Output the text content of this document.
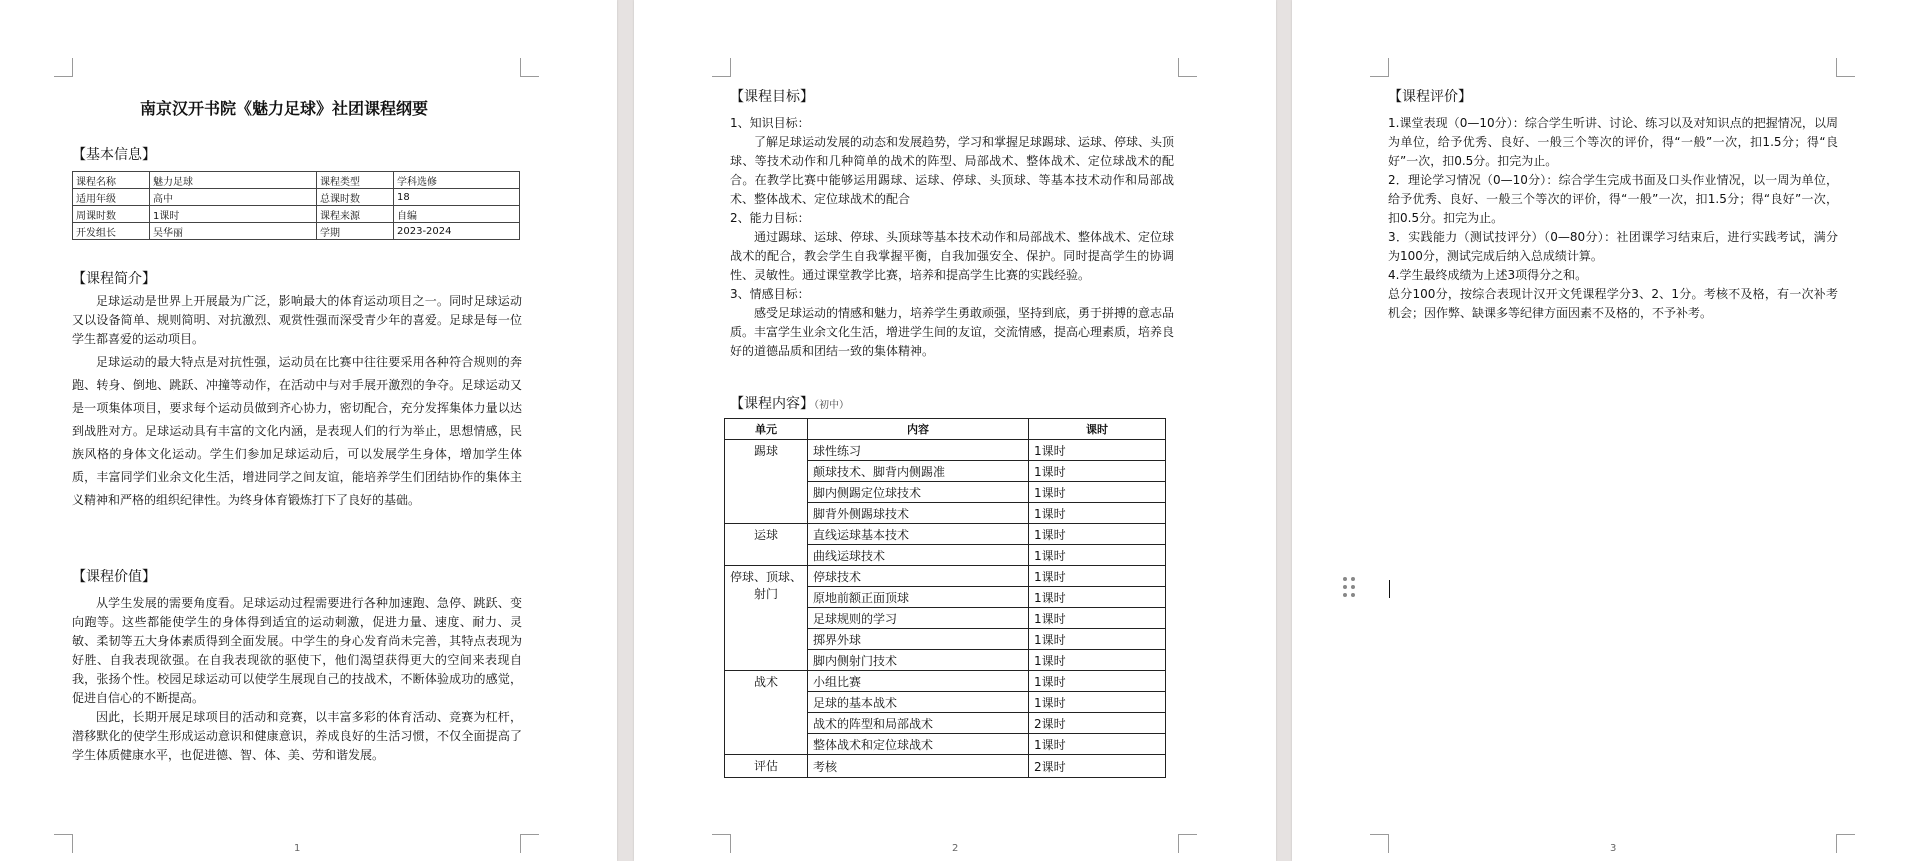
南京汉开书院《魅力足球》社团课程纲要
【基本信息】
课程名称	魅力足球	课程类型	学科选修
适用年级	高中	总课时数	18
周课时数	1课时	课程来源	自编
开发组长	吴华丽	学期	2023-2024
【课程简介】

足球运动是世界上开展最为广泛，影响最大的体育运动项目之一。同时足球运动又以设备简单、规则简明、对抗激烈、观赏性强而深受青少年的喜爱。足球是每一位学生都喜爱的运动项目。

足球运动的最大特点是对抗性强，运动员在比赛中往往要采用各种符合规则的奔跑、转身、倒地、跳跃、冲撞等动作，在活动中与对手展开激烈的争夺。足球运动又是一项集体项目，要求每个运动员做到齐心协力，密切配合，充分发挥集体力量以达到战胜对方。足球运动具有丰富的文化内涵，是表现人们的行为举止，思想情感，民族风格的身体文化运动。学生们参加足球运动后，可以发展学生身体，增加学生体质，丰富同学们业余文化生活，增进同学之间友谊，能培养学生们团结协作的集体主义精神和严格的组织纪律性。为终身体育锻炼打下了良好的基础。

【课程价值】

从学生发展的需要角度看。足球运动过程需要进行各种加速跑、急停、跳跃、变向跑等。这些都能使学生的身体得到适宜的运动刺激，促进力量、速度、耐力、灵敏、柔韧等五大身体素质得到全面发展。中学生的身心发育尚未完善，其特点表现为好胜、自我表现欲强。在自我表现欲的驱使下，他们渴望获得更大的空间来表现自我，张扬个性。校园足球运动可以使学生展现自己的技战术，不断体验成功的感觉，促进自信心的不断提高。

因此，长期开展足球项目的活动和竞赛，以丰富多彩的体育活动、竞赛为杠杆，潜移默化的使学生形成运动意识和健康意识，养成良好的生活习惯，不仅全面提高了学生体质健康水平，也促进德、智、体、美、劳和谐发展。

1
【课程目标】

1、知识目标：

了解足球运动发展的动态和发展趋势，学习和掌握足球踢球、运球、停球、头顶球、等技术动作和几种简单的战术的阵型、局部战术、整体战术、定位球战术的配合。在教学比赛中能够运用踢球、运球、停球、头顶球、等基本技术动作和局部战术、整体战术、定位球战术的配合

2、能力目标：

通过踢球、运球、停球、头顶球等基本技术动作和局部战术、整体战术、定位球战术的配合，教会学生自我掌握平衡，自我加强安全、保护。同时提高学生的协调性、灵敏性。通过课堂教学比赛，培养和提高学生比赛的实践经验。

3、情感目标：

感受足球运动的情感和魅力，培养学生勇敢顽强，坚持到底，勇于拼搏的意志品质。丰富学生业余文化生活，增进学生间的友谊，交流情感，提高心理素质，培养良好的道德品质和团结一致的集体精神。

【课程内容】（初中）
单元	内容	课时
踢球	球性练习	1课时
	颠球技术、脚背内侧踢准	1课时
	脚内侧踢定位球技术	1课时
	脚背外侧踢球技术	1课时
运球	直线运球基本技术	1课时
	曲线运球技术	1课时
停球、顶球、射门	停球技术	1课时
	原地前额正面顶球	1课时
	足球规则的学习	1课时
	掷界外球	1课时
	脚内侧射门技术	1课时
战术	小组比赛	1课时
	足球的基本战术	1课时
	战术的阵型和局部战术	2课时
	整体战术和定位球战术	1课时
评估	考核	2课时
2
【课程评价】

1.课堂表现（0—10分）：综合学生听讲、讨论、练习以及对知识点的把握情况，以周为单位，给予优秀、良好、一般三个等次的评价，得“一般”一次，扣1.5分；得“良好”一次，扣0.5分。扣完为止。

2．理论学习情况（0—10分）：综合学生完成书面及口头作业情况，以一周为单位，给予优秀、良好、一般三个等次的评价，得“一般”一次，扣1.5分；得“良好”一次，扣0.5分。扣完为止。

3．实践能力（测试技评分）（0—80分）：社团课学习结束后，进行实践考试，满分为100分，测试完成后纳入总成绩计算。

4.学生最终成绩为上述3项得分之和。

总分100分，按综合表现计汉开文凭课程学分3、2、1分。考核不及格，有一次补考机会；因作弊、缺课多等纪律方面因素不及格的，不予补考。

3
